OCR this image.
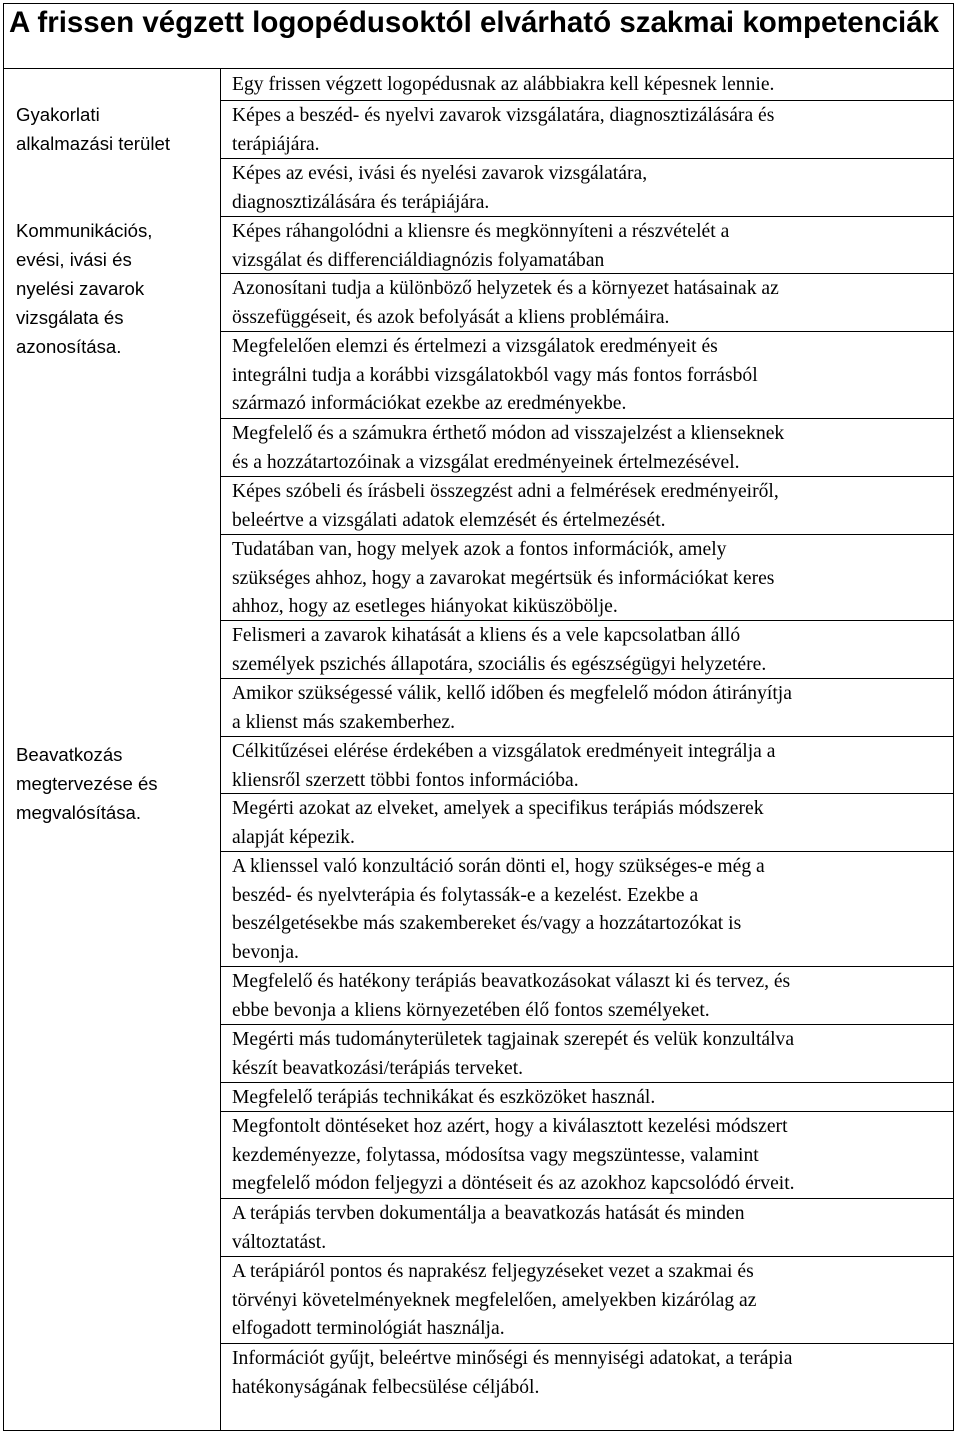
A frissen végzett logopédusoktól elvárható szakmai kompetenciák
Gyakorlati
alkalmazási terület
Kommunikációs,
evési, ivási és
nyelési zavarok
vizsgálata és
azonosítása.
Beavatkozás
megtervezése és
megvalósítása.
Egy frissen végzett logopédusnak az alábbiakra kell képesnek lennie.
Képes a beszéd- és nyelvi zavarok vizsgálatára, diagnosztizálására és
terápiájára.
Képes az evési, ivási és nyelési zavarok vizsgálatára,
diagnosztizálására és terápiájára.
Képes ráhangolódni a kliensre és megkönnyíteni a részvételét a
vizsgálat és differenciáldiagnózis folyamatában
Azonosítani tudja a különböző helyzetek és a környezet hatásainak az
összefüggéseit, és azok befolyását a kliens problémáira.
Megfelelően elemzi és értelmezi a vizsgálatok eredményeit és
integrálni tudja a korábbi vizsgálatokból vagy más fontos forrásból
származó információkat ezekbe az eredményekbe.
Megfelelő és a számukra érthető módon ad visszajelzést a klienseknek
és a hozzátartozóinak a vizsgálat eredményeinek értelmezésével.
Képes szóbeli és írásbeli összegzést adni a felmérések eredményeiről,
beleértve a vizsgálati adatok elemzését és értelmezését.
Tudatában van, hogy melyek azok a fontos információk, amely
szükséges ahhoz, hogy a zavarokat megértsük és információkat keres
ahhoz, hogy az esetleges hiányokat kiküszöbölje.
Felismeri a zavarok kihatását a kliens és a vele kapcsolatban álló
személyek pszichés állapotára, szociális és egészségügyi helyzetére.
Amikor szükségessé válik, kellő időben és megfelelő módon átirányítja
a klienst más szakemberhez.
Célkitűzései elérése érdekében a vizsgálatok eredményeit integrálja a
kliensről szerzett többi fontos információba.
Megérti azokat az elveket, amelyek a specifikus terápiás módszerek
alapját képezik.
A klienssel való konzultáció során dönti el, hogy szükséges-e még a
beszéd- és nyelvterápia és folytassák-e a kezelést. Ezekbe a
beszélgetésekbe más szakembereket és/vagy a hozzátartozókat is
bevonja.
Megfelelő és hatékony terápiás beavatkozásokat választ ki és tervez, és
ebbe bevonja a kliens környezetében élő fontos személyeket.
Megérti más tudományterületek tagjainak szerepét és velük konzultálva
készít beavatkozási/terápiás terveket.
Megfelelő terápiás technikákat és eszközöket használ.
Megfontolt döntéseket hoz azért, hogy a kiválasztott kezelési módszert
kezdeményezze, folytassa, módosítsa vagy megszüntesse, valamint
megfelelő módon feljegyzi a döntéseit és az azokhoz kapcsolódó érveit.
A terápiás tervben dokumentálja a beavatkozás hatását és minden
változtatást.
A terápiáról pontos és naprakész feljegyzéseket vezet a szakmai és
törvényi követelményeknek megfelelően, amelyekben kizárólag az
elfogadott terminológiát használja.
Információt gyűjt, beleértve minőségi és mennyiségi adatokat, a terápia
hatékonyságának felbecsülése céljából.
